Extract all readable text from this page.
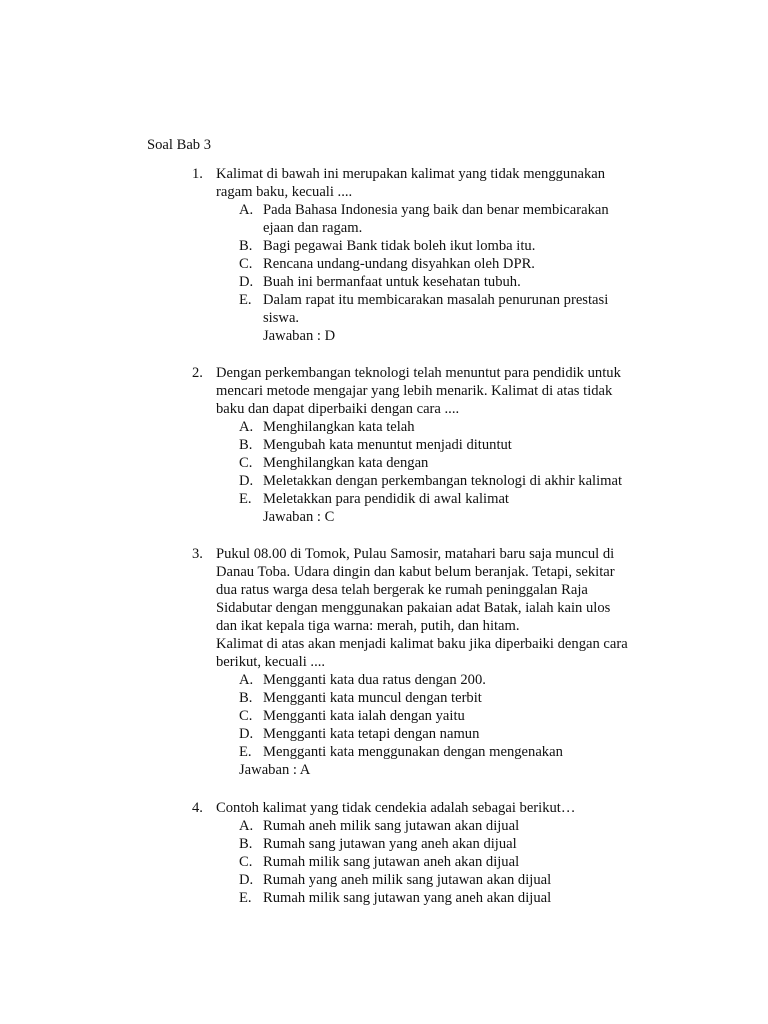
Soal Bab 3
1. Kalimat di bawah ini merupakan kalimat yang tidak menggunakan
ragam baku, kecuali ....
A. Pada Bahasa Indonesia yang baik dan benar membicarakan ejaan dan ragam.
B. Bagi pegawai Bank tidak boleh ikut lomba itu.
C. Rencana undang-undang disyahkan oleh DPR.
D. Buah ini bermanfaat untuk kesehatan tubuh.
E. Dalam rapat itu membicarakan masalah penurunan prestasi siswa.
Jawaban : D
2. Dengan perkembangan teknologi telah menuntut para pendidik untuk
mencari metode mengajar yang lebih menarik. Kalimat di atas tidak
baku dan dapat diperbaiki dengan cara ....
A. Menghilangkan kata telah
B. Mengubah kata menuntut menjadi dituntut
C. Menghilangkan kata dengan
D. Meletakkan dengan perkembangan teknologi di akhir kalimat
E. Meletakkan para pendidik di awal kalimat
Jawaban : C
3. Pukul 08.00 di Tomok, Pulau Samosir, matahari baru saja muncul di
Danau Toba. Udara dingin dan kabut belum beranjak. Tetapi, sekitar
dua ratus warga desa telah bergerak ke rumah peninggalan Raja
Sidabutar dengan menggunakan pakaian adat Batak, ialah kain ulos
dan ikat kepala tiga warna: merah, putih, dan hitam.
Kalimat di atas akan menjadi kalimat baku jika diperbaiki dengan cara
berikut, kecuali ....
A. Mengganti kata dua ratus dengan 200.
B. Mengganti kata muncul dengan terbit
C. Mengganti kata ialah dengan yaitu
D. Mengganti kata tetapi dengan namun
E. Mengganti kata menggunakan dengan mengenakan
Jawaban : A
4. Contoh kalimat yang tidak cendekia adalah sebagai berikut…
A. Rumah aneh milik sang jutawan akan dijual
B. Rumah sang jutawan yang aneh akan dijual
C. Rumah milik sang jutawan aneh akan dijual
D. Rumah yang aneh milik sang jutawan akan dijual
E. Rumah milik sang jutawan yang aneh akan dijual
